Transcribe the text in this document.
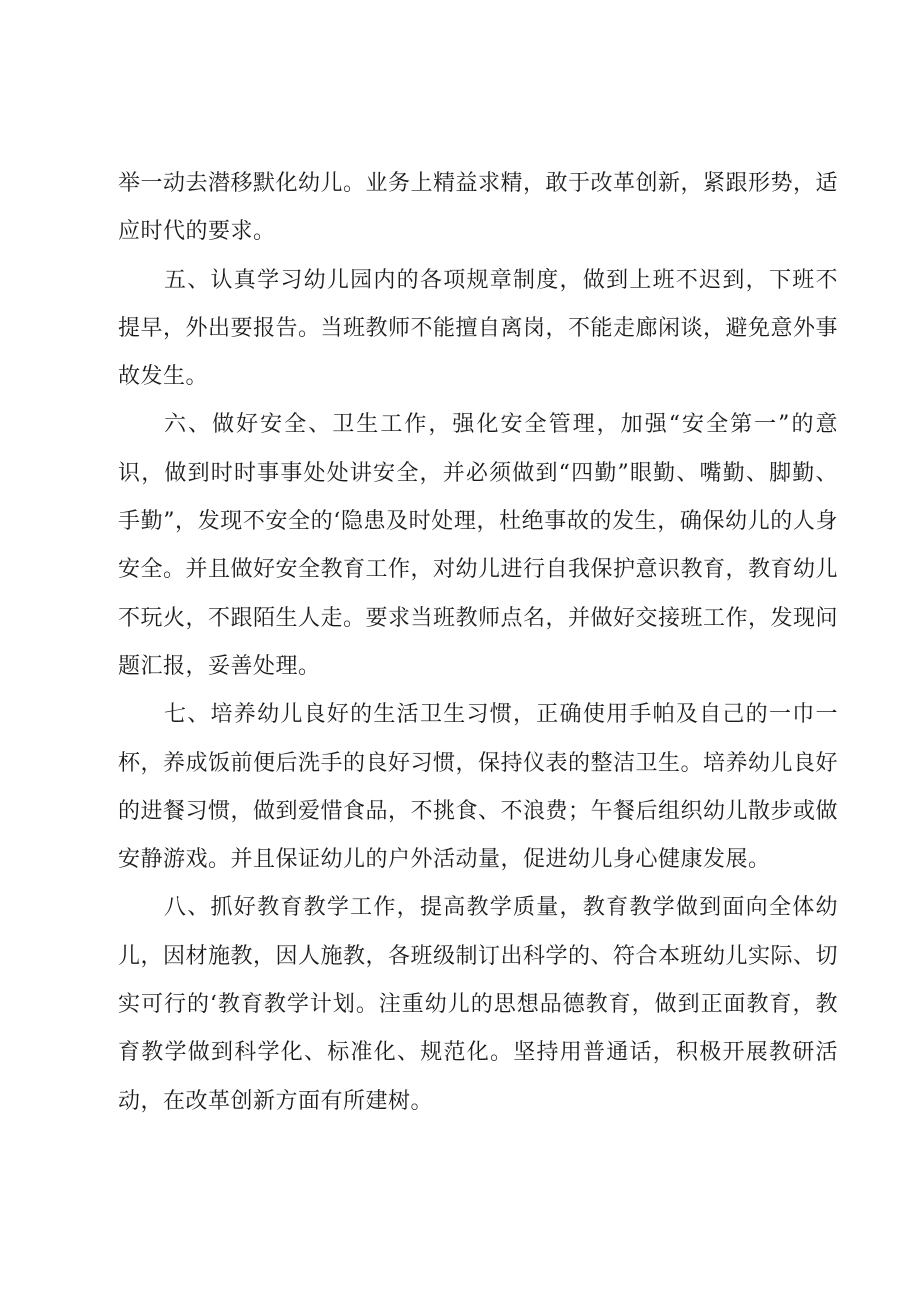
举一动去潜移默化幼儿。业务上精益求精，敢于改革创新，紧跟形势，适应时代的要求。

五、认真学习幼儿园内的各项规章制度，做到上班不迟到，下班不提早，外出要报告。当班教师不能擅自离岗，不能走廊闲谈，避免意外事故发生。

六、做好安全、卫生工作，强化安全管理，加强“安全第一”的意识，做到时时事事处处讲安全，并必须做到“四勤”眼勤、嘴勤、脚勤、手勤”，发现不安全的‘隐患及时处理，杜绝事故的发生，确保幼儿的人身安全。并且做好安全教育工作，对幼儿进行自我保护意识教育，教育幼儿不玩火，不跟陌生人走。要求当班教师点名，并做好交接班工作，发现问题汇报，妥善处理。

七、培养幼儿良好的生活卫生习惯，正确使用手帕及自己的一巾一杯，养成饭前便后洗手的良好习惯，保持仪表的整洁卫生。培养幼儿良好的进餐习惯，做到爱惜食品，不挑食、不浪费；午餐后组织幼儿散步或做安静游戏。并且保证幼儿的户外活动量，促进幼儿身心健康发展。

八、抓好教育教学工作，提高教学质量，教育教学做到面向全体幼儿，因材施教，因人施教，各班级制订出科学的、符合本班幼儿实际、切实可行的‘教育教学计划。注重幼儿的思想品德教育，做到正面教育，教育教学做到科学化、标准化、规范化。坚持用普通话，积极开展教研活动，在改革创新方面有所建树。
